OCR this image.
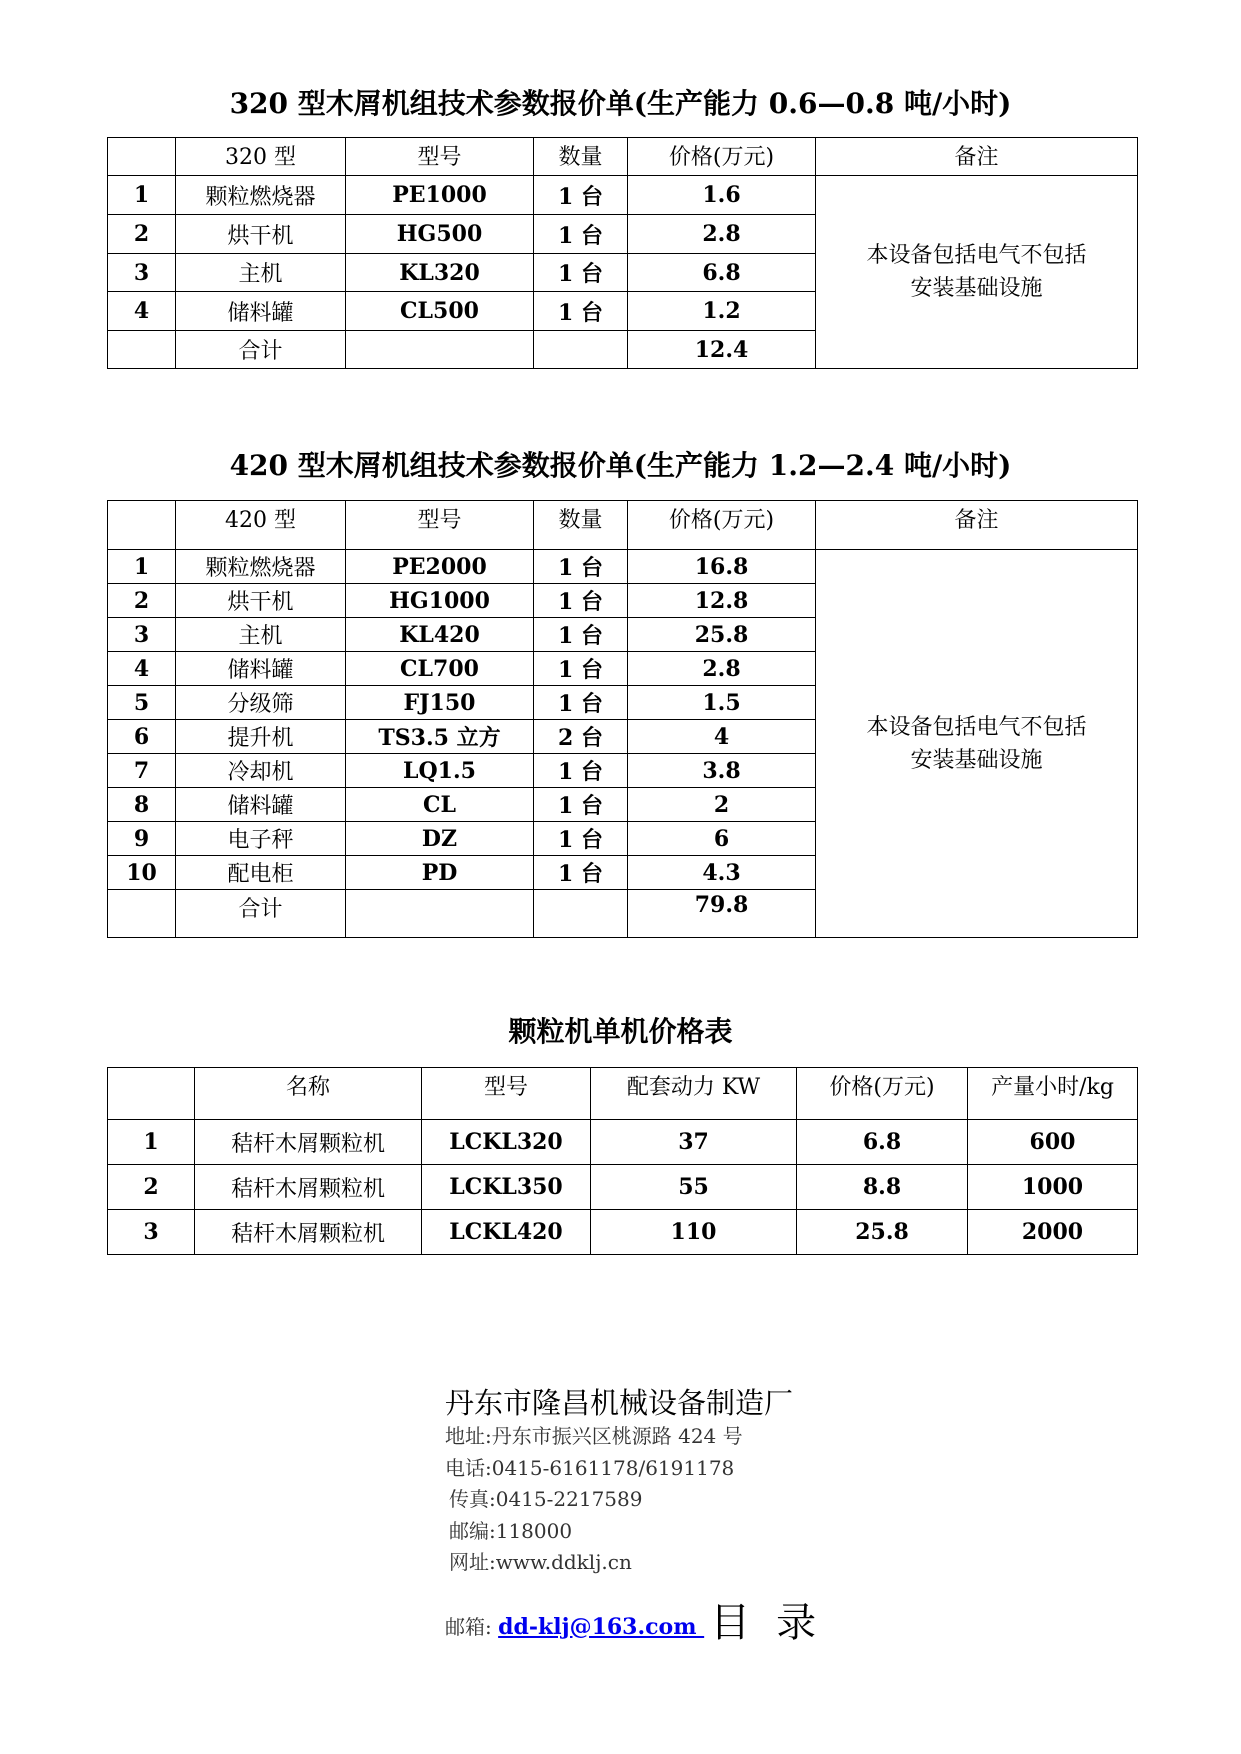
320 型木屑机组技术参数报价单(生产能力 0.6—0.8 吨/小时)
	320 型	型号	数量	价格(万元)	备注
1	颗粒燃烧器	PE1000	1 台	1.6	本设备包括电气不包括
安装基础设施

2	烘干机	HG500	1 台	2.8	
3	主机	KL320	1 台	6.8	
4	储料罐	CL500	1 台	1.2	
	合计			12.4	
420 型木屑机组技术参数报价单(生产能力 1.2—2.4 吨/小时)
	420 型	型号	数量	价格(万元)	备注
1	颗粒燃烧器	PE2000	1 台	16.8	本设备包括电气不包括
安装基础设施

2	烘干机	HG1000	1 台	12.8	
3	主机	KL420	1 台	25.8	
4	储料罐	CL700	1 台	2.8	
5	分级筛	FJ150	1 台	1.5	
6	提升机	TS3.5 立方	2 台	4	
7	冷却机	LQ1.5	1 台	3.8	
8	储料罐	CL	1 台	2	
9	电子秤	DZ	1 台	6	
10	配电柜	PD	1 台	4.3	
	合计			79.8	
颗粒机单机价格表
	名称	型号	配套动力 KW	价格(万元)	产量小时/kg
1	秸杆木屑颗粒机	LCKL320	37	6.8	600
2	秸杆木屑颗粒机	LCKL350	55	8.8	1000
3	秸杆木屑颗粒机	LCKL420	110	25.8	2000
丹东市隆昌机械设备制造厂
地址:丹东市振兴区桃源路 424 号
电话:0415-6161178/6191178
传真:0415-2217589
邮编:118000
网址:www.ddklj.cn
邮箱: dd-klj@163.com 目录
